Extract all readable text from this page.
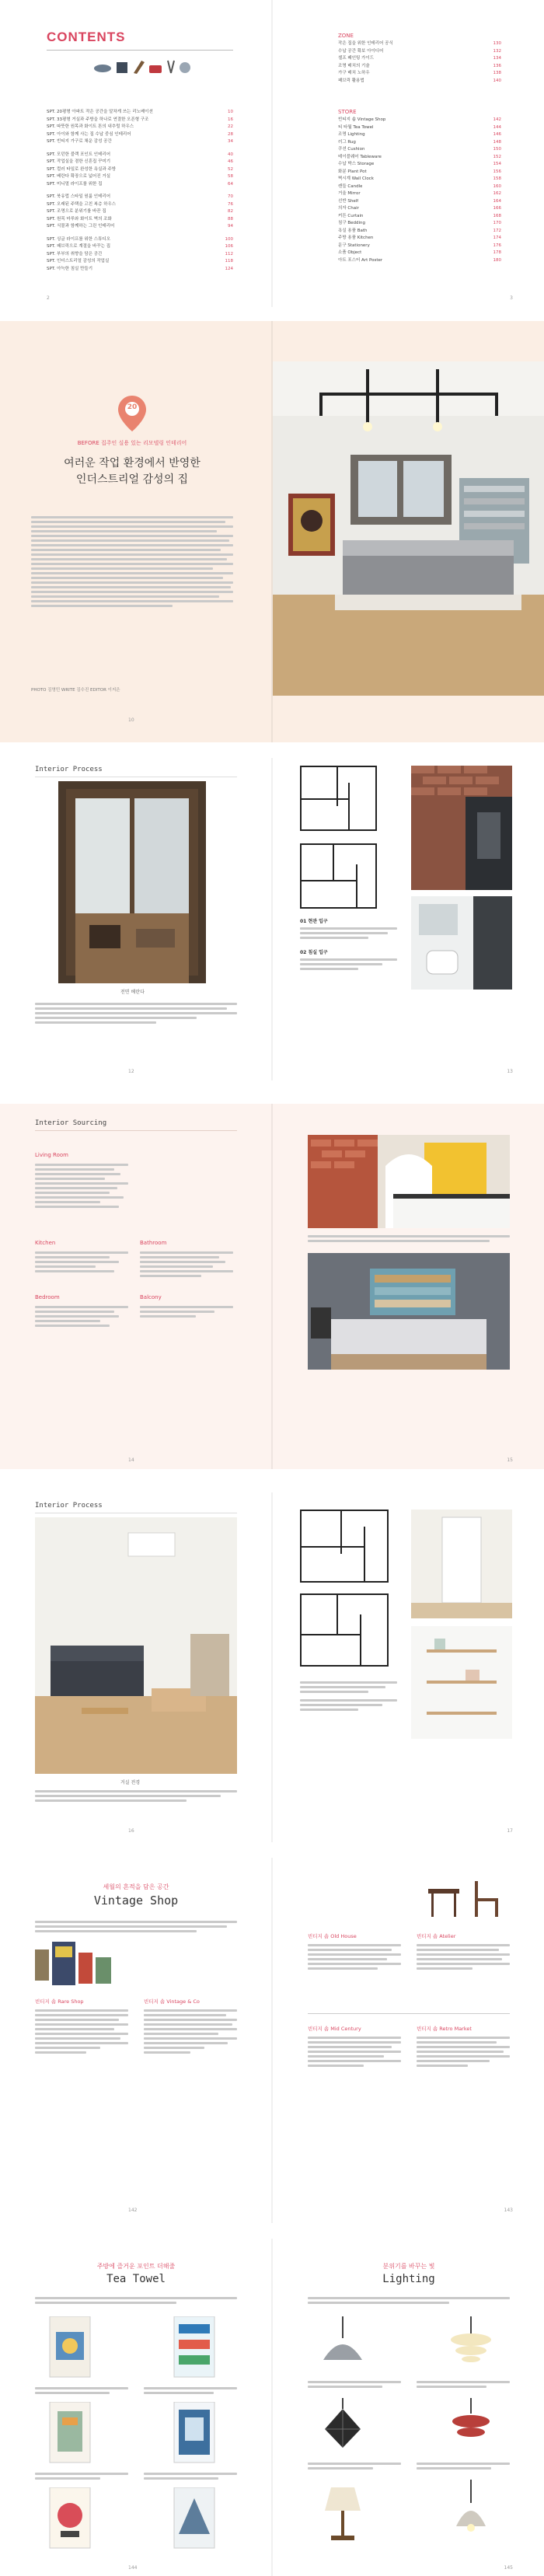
CONTENTS
SPT. 20평형 아파트 작은 공간을 알차게 쓰는 리노베이션	10
SPT. 33평형 거실과 주방을 하나로 연결한 오픈형 구조	16
SPT. 따뜻한 원목과 화이트 톤의 내추럴 하우스	22
SPT. 아이와 함께 사는 집 수납 중심 인테리어	28
SPT. 빈티지 가구로 채운 감성 공간	34
SPT. 모던한 블랙 포인트 인테리어	40
SPT. 작업실을 겸한 신혼집 꾸미기	46
SPT. 컬러 타일로 완성한 욕실과 주방	52
SPT. 베란다 확장으로 넓어진 거실	58
SPT. 미니멀 라이프를 위한 집	64
SPT. 북유럽 스타일 원룸 인테리어	70
SPT. 오래된 주택을 고친 복층 하우스	76
SPT. 조명으로 분위기를 바꾼 집	82
SPT. 원목 마루와 화이트 벽의 조화	88
SPT. 식물과 함께하는 그린 인테리어	94
SPT. 싱글 라이프를 위한 스튜디오	100
SPT. 패브릭으로 계절을 바꾸는 집	106
SPT. 부부의 취향을 담은 공간	112
SPT. 인더스트리얼 감성의 작업실	118
SPT. 아늑한 침실 만들기	124
2
ZONE
작은 집을 위한 인테리어 공식	130
수납 공간 확보 아이디어	132
셀프 페인팅 가이드	134
조명 배치의 기술	136
가구 배치 노하우	138
패브릭 활용법	140
STORE
빈티지 숍 Vintage Shop	142
티 타월 Tea Towel	144
조명 Lighting	146
러그 Rug	148
쿠션 Cushion	150
테이블웨어 Tableware	152
수납 박스 Storage	154
화분 Plant Pot	156
벽시계 Wall Clock	158
캔들 Candle	160
거울 Mirror	162
선반 Shelf	164
의자 Chair	166
커튼 Curtain	168
침구 Bedding	170
욕실 용품 Bath	172
주방 용품 Kitchen	174
문구 Stationery	176
소품 Object	178
아트 포스터 Art Poster	180
3
20
BEFORE 집주인 실용 있는 리모델링 인테리어
여러운 작업 환경에서 반영한
인더스트리얼 감성의 집
PHOTO 김영민 WRITE 김수진 EDITOR 이지은
10
Interior Process
전면 베란다
12
01 현관 입구
02 침실 입구
13
Interior Sourcing
Living Room
Kitchen
Bedroom
Bathroom
Balcony
14	15
Interior Process
거실 전경
16	17
세월의 흔적을 담은 공간
Vintage Shop
빈티지 숍 Rare Shop	빈티지 숍 Vintage & Co
142
빈티지 숍 Old House	빈티지 숍 Atelier
빈티지 숍 Mid Century	빈티지 숍 Retro Market
143
주방에 즐거운 포인트 더해줄
Tea Towel
144
분위기를 바꾸는 빛
Lighting
145
